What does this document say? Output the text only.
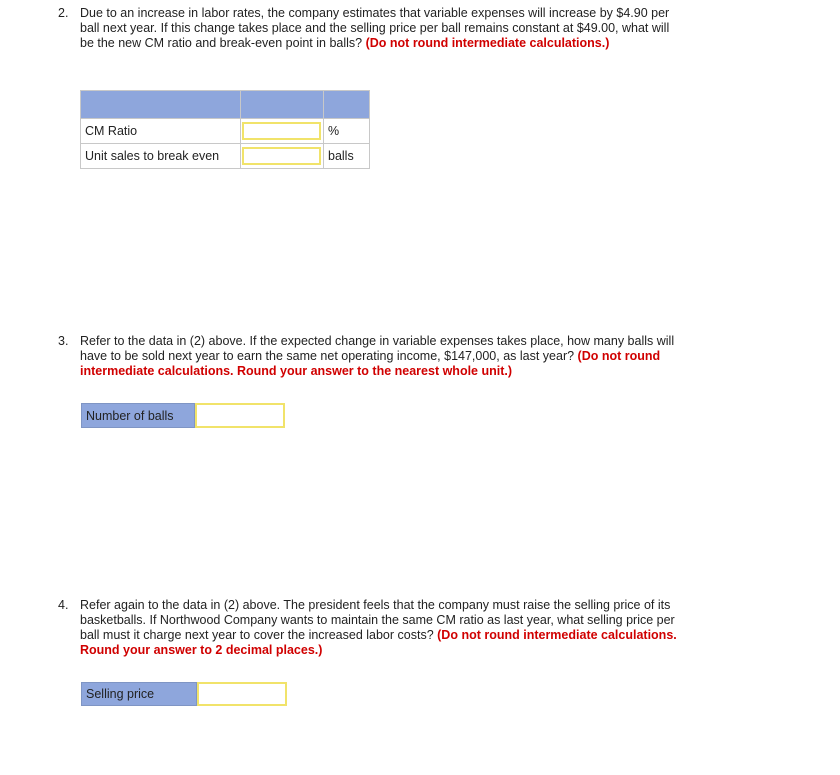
2. Due to an increase in labor rates, the company estimates that variable expenses will increase by $4.90 per ball next year. If this change takes place and the selling price per ball remains constant at $49.00, what will be the new CM ratio and break-even point in balls? (Do not round intermediate calculations.)

CM Ratio		%
Unit sales to break even		balls
3. Refer to the data in (2) above. If the expected change in variable expenses takes place, how many balls will have to be sold next year to earn the same net operating income, $147,000, as last year? (Do not round intermediate calculations. Round your answer to the nearest whole unit.)
Number of balls
4. Refer again to the data in (2) above. The president feels that the company must raise the selling price of its basketballs. If Northwood Company wants to maintain the same CM ratio as last year, what selling price per ball must it charge next year to cover the increased labor costs? (Do not round intermediate calculations. Round your answer to 2 decimal places.)
Selling price
